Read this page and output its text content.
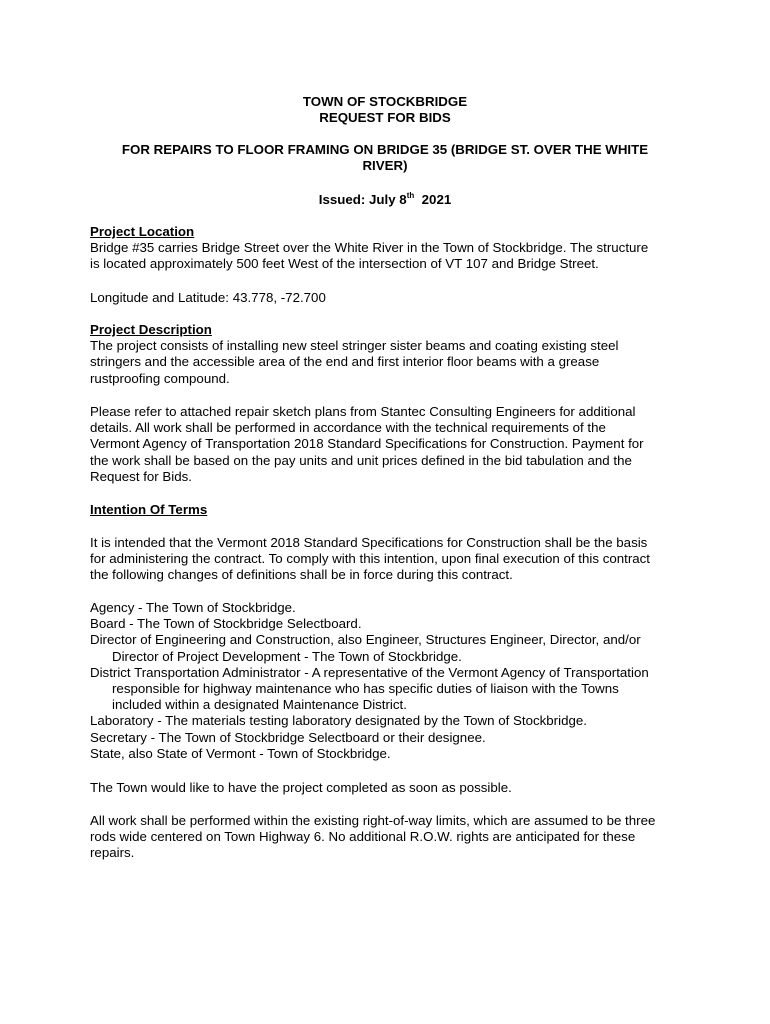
TOWN OF STOCKBRIDGE
REQUEST FOR BIDS
FOR REPAIRS TO FLOOR FRAMING ON BRIDGE 35 (BRIDGE ST. OVER THE WHITE
RIVER)
Issued: July 8th  2021
Project Location
Bridge #35 carries Bridge Street over the White River in the Town of Stockbridge. The structure
is located approximately 500 feet West of the intersection of VT 107 and Bridge Street.
Longitude and Latitude: 43.778, -72.700
Project Description
The project consists of installing new steel stringer sister beams and coating existing steel
stringers and the accessible area of the end and first interior floor beams with a grease
rustproofing compound.
Please refer to attached repair sketch plans from Stantec Consulting Engineers for additional
details. All work shall be performed in accordance with the technical requirements of the
Vermont Agency of Transportation 2018 Standard Specifications for Construction. Payment for
the work shall be based on the pay units and unit prices defined in the bid tabulation and the
Request for Bids.
Intention Of Terms
It is intended that the Vermont 2018 Standard Specifications for Construction shall be the basis
for administering the contract. To comply with this intention, upon final execution of this contract
the following changes of definitions shall be in force during this contract.
Agency - The Town of Stockbridge.
Board - The Town of Stockbridge Selectboard.
Director of Engineering and Construction, also Engineer, Structures Engineer, Director, and/or
Director of Project Development - The Town of Stockbridge.
District Transportation Administrator - A representative of the Vermont Agency of Transportation
responsible for highway maintenance who has specific duties of liaison with the Towns
included within a designated Maintenance District.
Laboratory - The materials testing laboratory designated by the Town of Stockbridge.
Secretary - The Town of Stockbridge Selectboard or their designee.
State, also State of Vermont - Town of Stockbridge.
The Town would like to have the project completed as soon as possible.
All work shall be performed within the existing right-of-way limits, which are assumed to be three
rods wide centered on Town Highway 6. No additional R.O.W. rights are anticipated for these
repairs.
